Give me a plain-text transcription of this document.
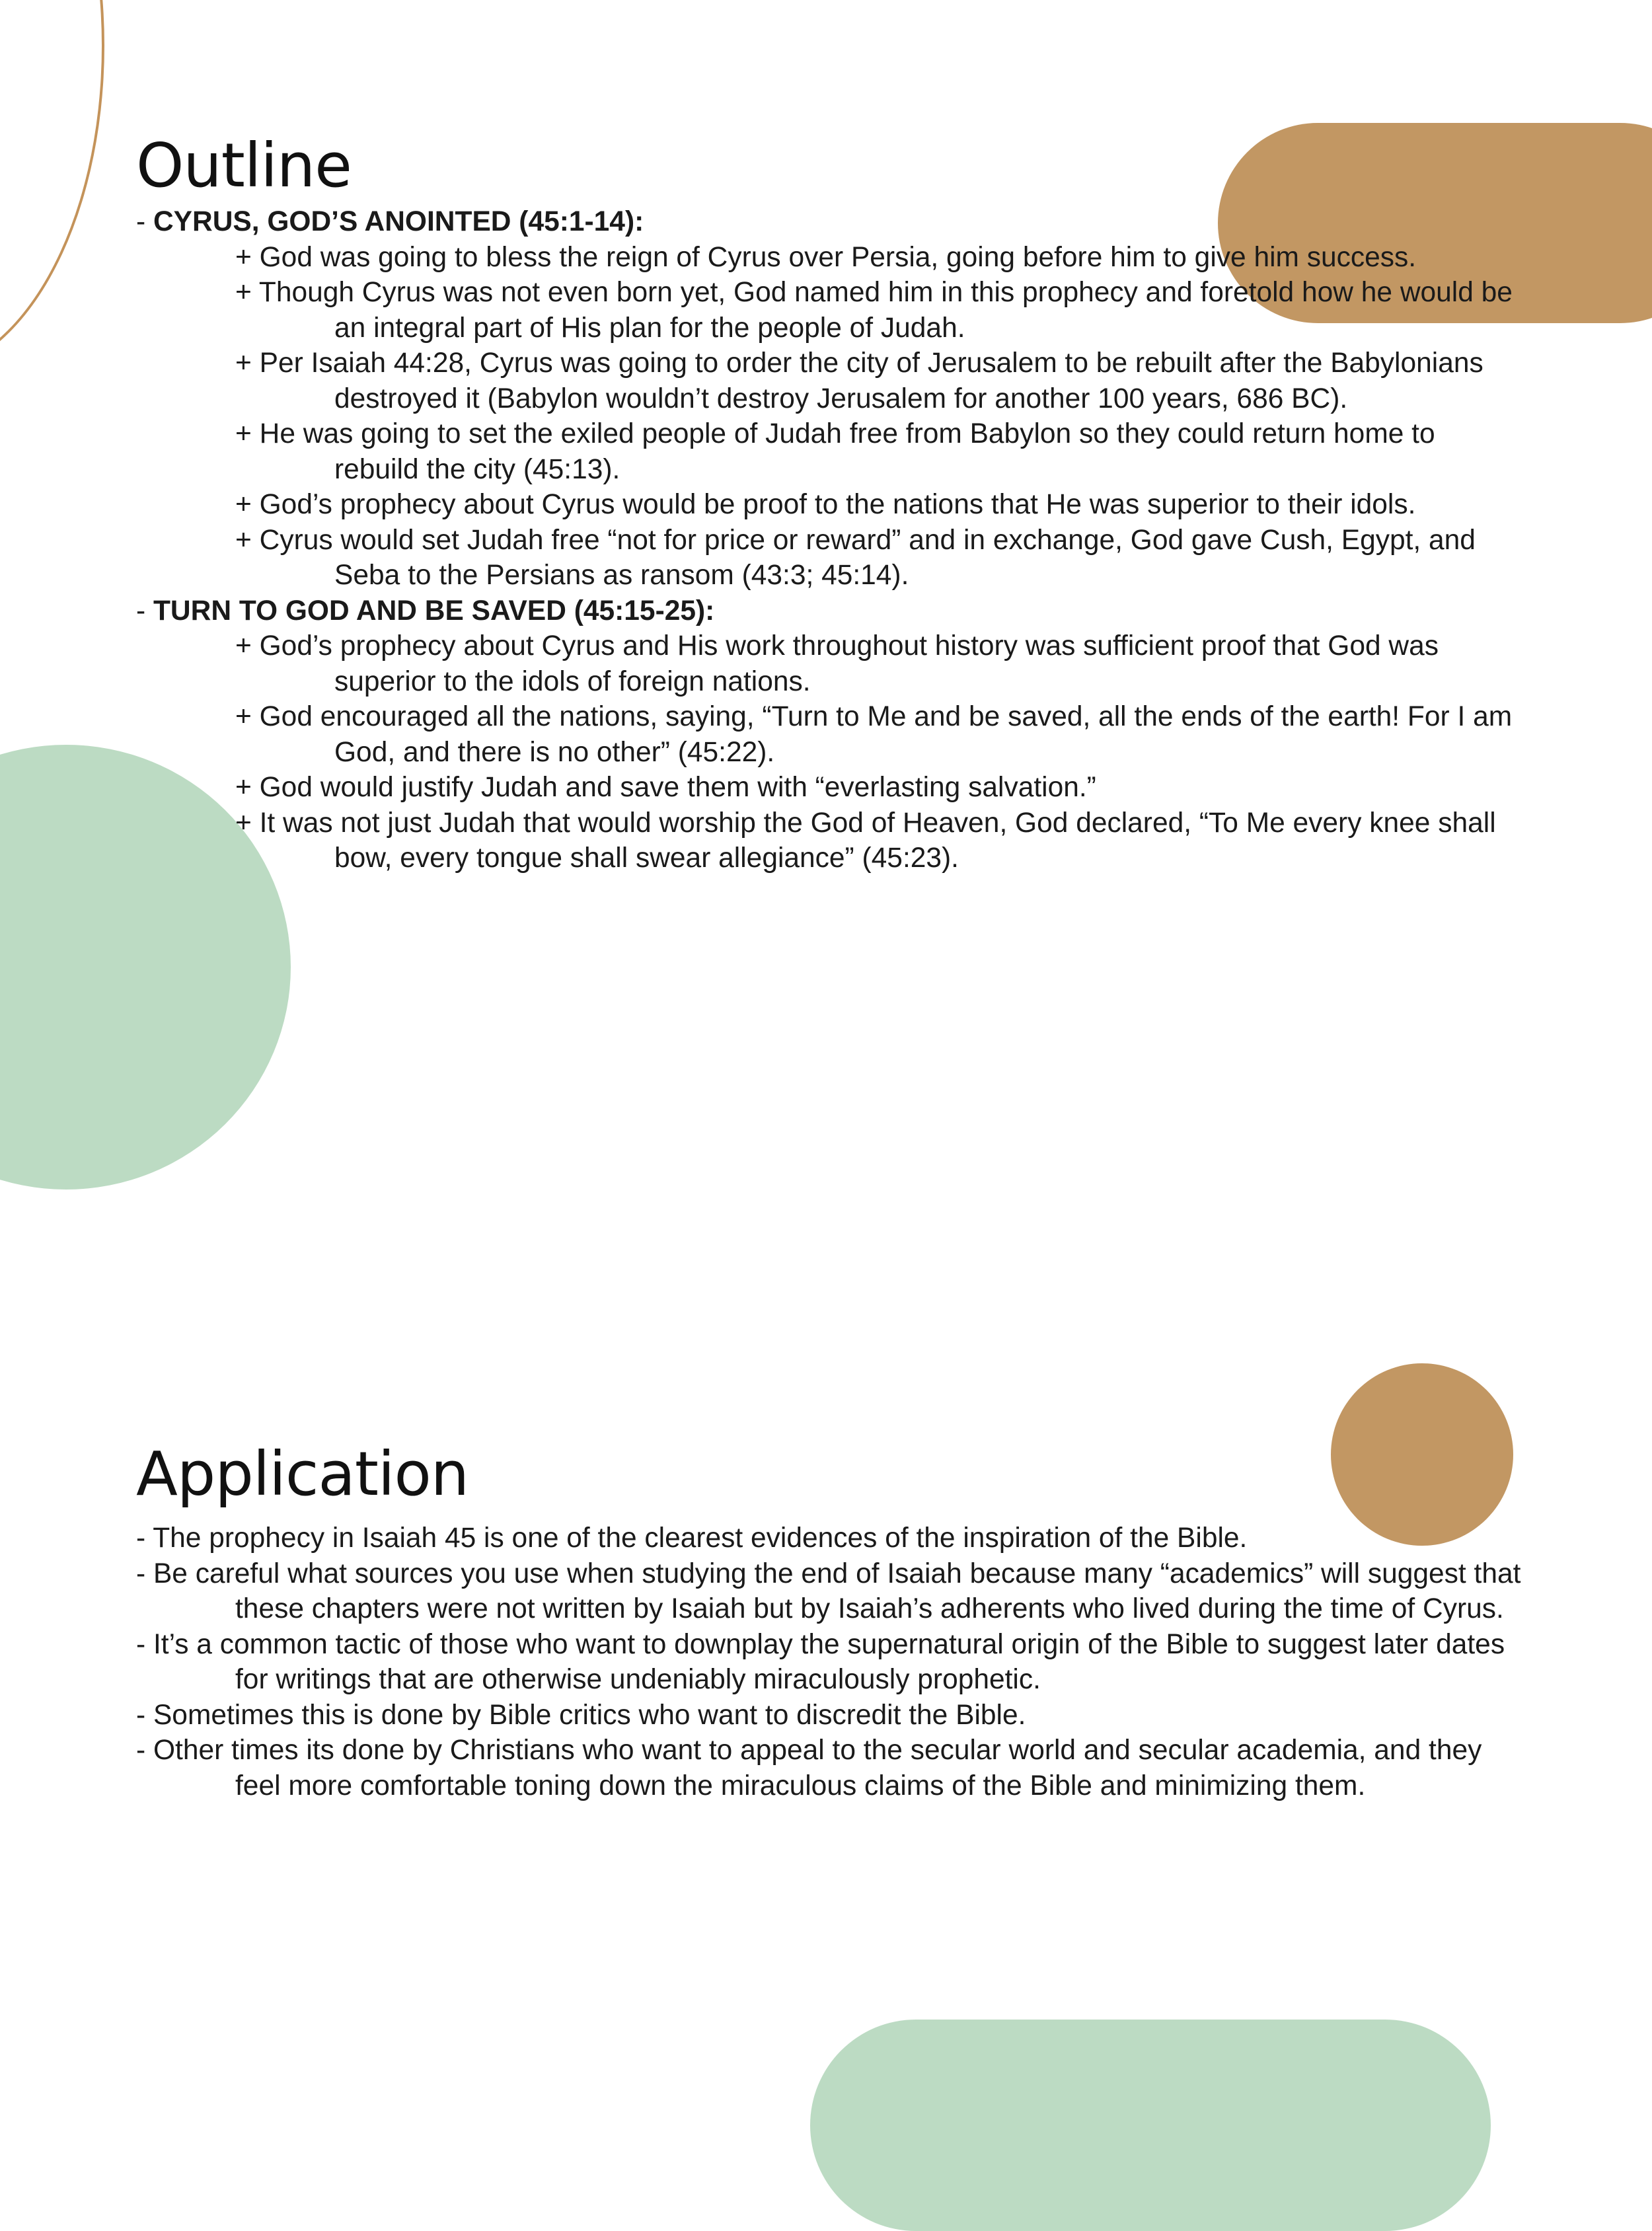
Outline
- CYRUS, GOD’S ANOINTED (45:1-14):
+ God was going to bless the reign of Cyrus over Persia, going before him to give him success.
+ Though Cyrus was not even born yet, God named him in this prophecy and foretold how he would be an integral part of His plan for the people of Judah.
+ Per Isaiah 44:28, Cyrus was going to order the city of Jerusalem to be rebuilt after the Babylonians destroyed it (Babylon wouldn’t destroy Jerusalem for another 100 years, 686 BC).
+ He was going to set the exiled people of Judah free from Babylon so they could return home to rebuild the city (45:13).
+ God’s prophecy about Cyrus would be proof to the nations that He was superior to their idols.
+ Cyrus would set Judah free “not for price or reward” and in exchange, God gave Cush, Egypt, and Seba to the Persians as ransom (43:3; 45:14).
- TURN TO GOD AND BE SAVED (45:15-25):
+ God’s prophecy about Cyrus and His work throughout history was sufficient proof that God was superior to the idols of foreign nations.
+ God encouraged all the nations, saying, “Turn to Me and be saved, all the ends of the earth! For I am God, and there is no other” (45:22).
+ God would justify Judah and save them with “everlasting salvation.”
+ It was not just Judah that would worship the God of Heaven, God declared, “To Me every knee shall bow, every tongue shall swear allegiance” (45:23).
Application
- The prophecy in Isaiah 45 is one of the clearest evidences of the inspiration of the Bible.
- Be careful what sources you use when studying the end of Isaiah because many “academics” will suggest that these chapters were not written by Isaiah but by Isaiah’s adherents who lived during the time of Cyrus.
- It’s a common tactic of those who want to downplay the supernatural origin of the Bible to suggest later dates for writings that are otherwise undeniably miraculously prophetic.
- Sometimes this is done by Bible critics who want to discredit the Bible.
- Other times its done by Christians who want to appeal to the secular world and secular academia, and they feel more comfortable toning down the miraculous claims of the Bible and minimizing them.
